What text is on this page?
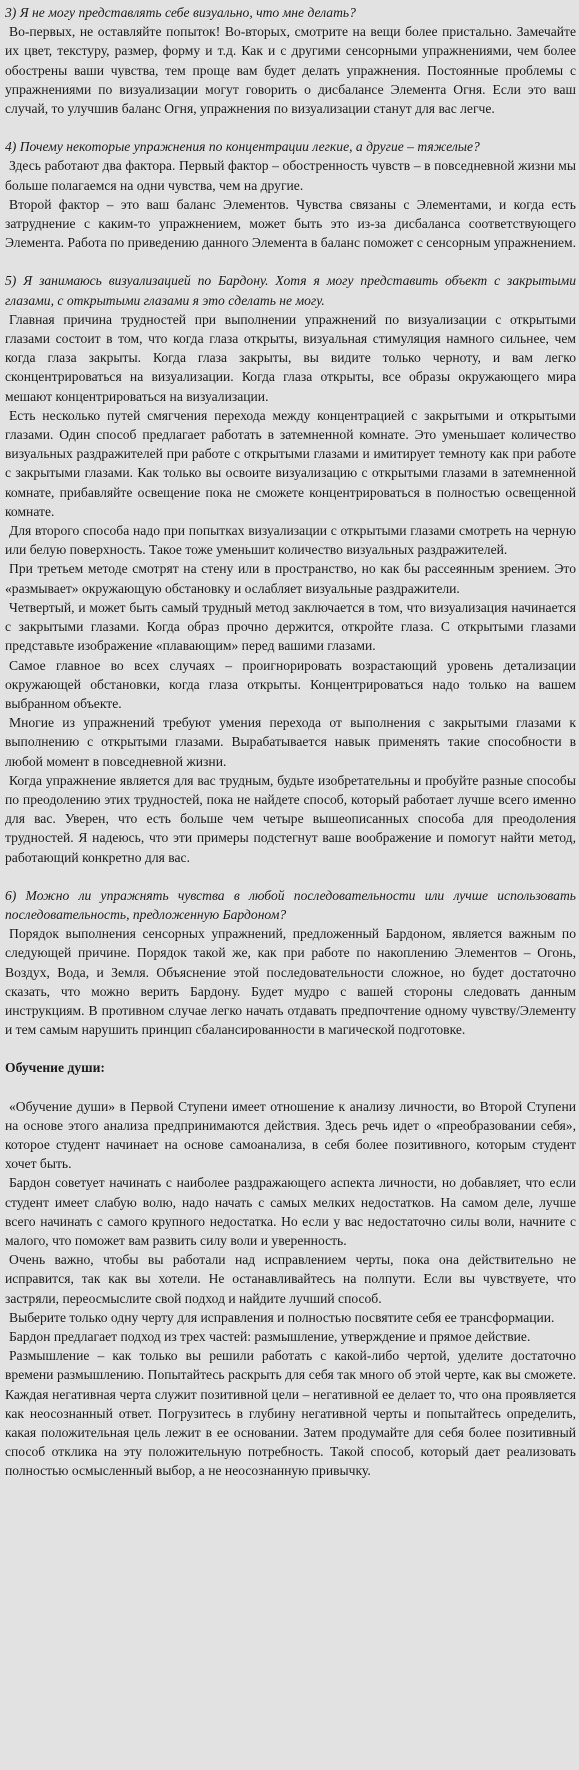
3) Я не могу представлять себе визуально, что мне делать?

Во-первых, не оставляйте попыток! Во-вторых, смотрите на вещи более пристально. Замечайте их цвет, текстуру, размер, форму и т.д. Как и с другими сенсорными упражнениями, чем более обострены ваши чувства, тем проще вам будет делать упражнения. Постоянные проблемы с упражнениями по визуализации могут говорить о дисбалансе Элемента Огня. Если это ваш случай, то улучшив баланс Огня, упражнения по визуализации станут для вас легче.

4) Почему некоторые упражнения по концентрации легкие, а другие – тяжелые?

Здесь работают два фактора. Первый фактор – обостренность чувств – в повседневной жизни мы больше полагаемся на одни чувства, чем на другие.

Второй фактор – это ваш баланс Элементов. Чувства связаны с Элементами, и когда есть затруднение с каким-то упражнением, может быть это из-за дисбаланса соответствующего Элемента. Работа по приведению данного Элемента в баланс поможет с сенсорным упражнением.

5) Я занимаюсь визуализацией по Бардону. Хотя я могу представить объект с закрытыми глазами, с открытыми глазами я это сделать не могу.

Главная причина трудностей при выполнении упражнений по визуализации с открытыми глазами состоит в том, что когда глаза открыты, визуальная стимуляция намного сильнее, чем когда глаза закрыты. Когда глаза закрыты, вы видите только черноту, и вам легко сконцентрироваться на визуализации. Когда глаза открыты, все образы окружающего мира мешают концентрироваться на визуализации.

Есть несколько путей смягчения перехода между концентрацией с закрытыми и открытыми глазами. Один способ предлагает работать в затемненной комнате. Это уменьшает количество визуальных раздражителей при работе с открытыми глазами и имитирует темноту как при работе с закрытыми глазами. Как только вы освоите визуализацию с открытыми глазами в затемненной комнате, прибавляйте освещение пока не сможете концентрироваться в полностью освещенной комнате.

Для второго способа надо при попытках визуализации с открытыми глазами смотреть на черную или белую поверхность. Такое тоже уменьшит количество визуальных раздражителей.

При третьем методе смотрят на стену или в пространство, но как бы рассеянным зрением. Это «размывает» окружающую обстановку и ослабляет визуальные раздражители.

Четвертый, и может быть самый трудный метод заключается в том, что визуализация начинается с закрытыми глазами. Когда образ прочно держится, откройте глаза. С открытыми глазами представьте изображение «плавающим» перед вашими глазами.

Самое главное во всех случаях – проигнорировать возрастающий уровень детализации окружающей обстановки, когда глаза открыты. Концентрироваться надо только на вашем выбранном объекте.

Многие из упражнений требуют умения перехода от выполнения с закрытыми глазами к выполнению с открытыми глазами. Вырабатывается навык применять такие способности в любой момент в повседневной жизни.

Когда упражнение является для вас трудным, будьте изобретательны и пробуйте разные способы по преодолению этих трудностей, пока не найдете способ, который работает лучше всего именно для вас. Уверен, что есть больше чем четыре вышеописанных способа для преодоления трудностей. Я надеюсь, что эти примеры подстегнут ваше воображение и помогут найти метод, работающий конкретно для вас.

6) Можно ли упражнять чувства в любой последовательности или лучше использовать последовательность, предложенную Бардоном?

Порядок выполнения сенсорных упражнений, предложенный Бардоном, является важным по следующей причине. Порядок такой же, как при работе по накоплению Элементов – Огонь, Воздух, Вода, и Земля. Объяснение этой последовательности сложное, но будет достаточно сказать, что можно верить Бардону. Будет мудро с вашей стороны следовать данным инструкциям. В противном случае легко начать отдавать предпочтение одному чувству/Элементу и тем самым нарушить принцип сбалансированности в магической подготовке.

Обучение души:

«Обучение души» в Первой Ступени имеет отношение к анализу личности, во Второй Ступени на основе этого анализа предпринимаются действия. Здесь речь идет о «преобразовании себя», которое студент начинает на основе самоанализа, в себя более позитивного, которым студент хочет быть.

Бардон советует начинать с наиболее раздражающего аспекта личности, но добавляет, что если студент имеет слабую волю, надо начать с самых мелких недостатков. На самом деле, лучше всего начинать с самого крупного недостатка. Но если у вас недостаточно силы воли, начните с малого, что поможет вам развить силу воли и уверенность.

Очень важно, чтобы вы работали над исправлением черты, пока она действительно не исправится, так как вы хотели. Не останавливайтесь на полпути. Если вы чувствуете, что застряли, переосмыслите свой подход и найдите лучший способ.

Выберите только одну черту для исправления и полностью посвятите себя ее трансформации.

Бардон предлагает подход из трех частей: размышление, утверждение и прямое действие.

Размышление – как только вы решили работать с какой-либо чертой, уделите достаточно времени размышлению. Попытайтесь раскрыть для себя так много об этой черте, как вы сможете. Каждая негативная черта служит позитивной цели – негативной ее делает то, что она проявляется как неосознанный ответ. Погрузитесь в глубину негативной черты и попытайтесь определить, какая положительная цель лежит в ее основании. Затем продумайте для себя более позитивный способ отклика на эту положительную потребность. Такой способ, который дает реализовать полностью осмысленный выбор, а не неосознанную привычку.
